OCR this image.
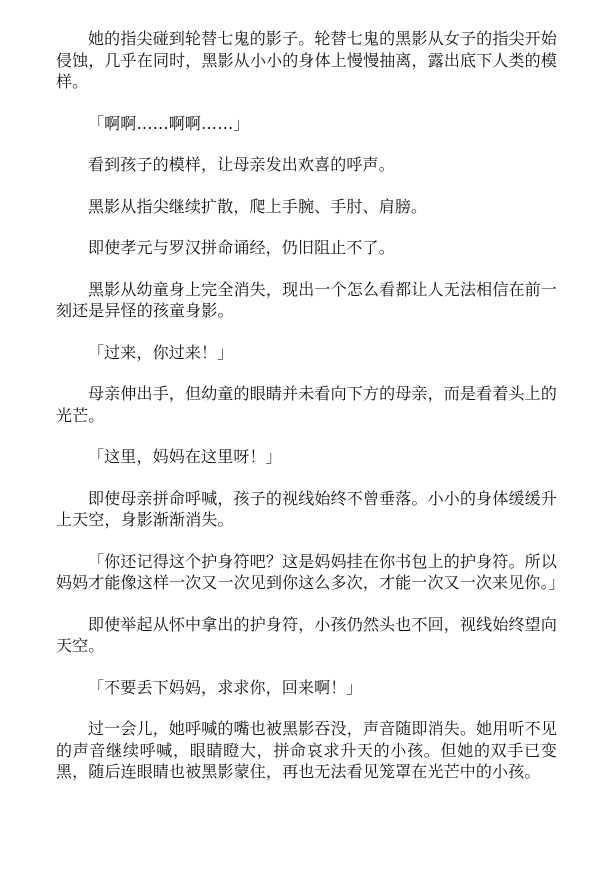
她的指尖碰到轮替七鬼的影子。轮替七鬼的黑影从女子的指尖开始侵蚀，几乎在同时，黑影从小小的身体上慢慢抽离，露出底下人类的模样。

「啊啊……啊啊……」

看到孩子的模样，让母亲发出欢喜的呼声。

黑影从指尖继续扩散，爬上手腕、手肘、肩膀。

即使孝元与罗汉拼命诵经，仍旧阻止不了。

黑影从幼童身上完全消失，现出一个怎么看都让人无法相信在前一刻还是异怪的孩童身影。

「过来，你过来！」

母亲伸出手，但幼童的眼睛并未看向下方的母亲，而是看着头上的光芒。

「这里，妈妈在这里呀！」

即使母亲拼命呼喊，孩子的视线始终不曾垂落。小小的身体缓缓升上天空，身影渐渐消失。

「你还记得这个护身符吧？这是妈妈挂在你书包上的护身符。所以妈妈才能像这样一次又一次见到你这么多次，才能一次又一次来见你。」

即使举起从怀中拿出的护身符，小孩仍然头也不回，视线始终望向天空。

「不要丢下妈妈，求求你，回来啊！」

过一会儿，她呼喊的嘴也被黑影吞没，声音随即消失。她用听不见的声音继续呼喊，眼睛瞪大，拼命哀求升天的小孩。但她的双手已变黑，随后连眼睛也被黑影蒙住，再也无法看见笼罩在光芒中的小孩。
